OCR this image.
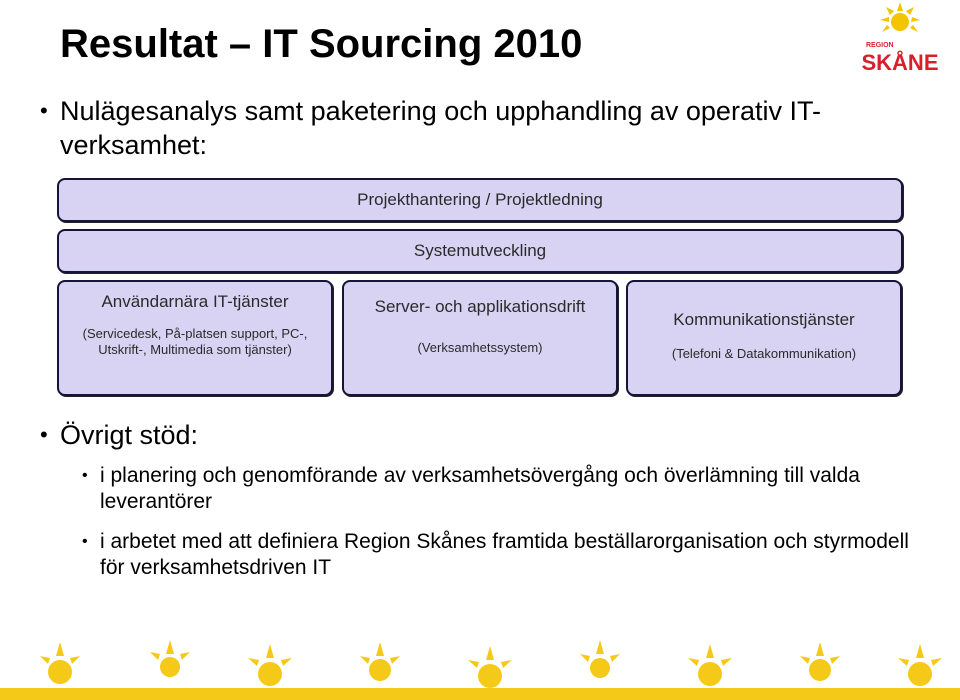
Resultat – IT Sourcing 2010	REGION
SKÅNE
• Nulägesanalys samt paketering och upphandling av operativ IT-verksamhet:
Projekthantering / Projektledning
Systemutveckling
Användarnära IT-tjänster
(Servicedesk, På-platsen support, PC-, Utskrift-, Multimedia som tjänster)
Server- och applikationsdrift
(Verksamhetssystem)
Kommunikationstjänster
(Telefoni & Datakommunikation)
• Övrigt stöd:
• i planering och genomförande av verksamhetsövergång och överlämning till valda leverantörer
• i arbetet med att definiera Region Skånes framtida beställarorganisation och styrmodell för verksamhetsdriven IT
